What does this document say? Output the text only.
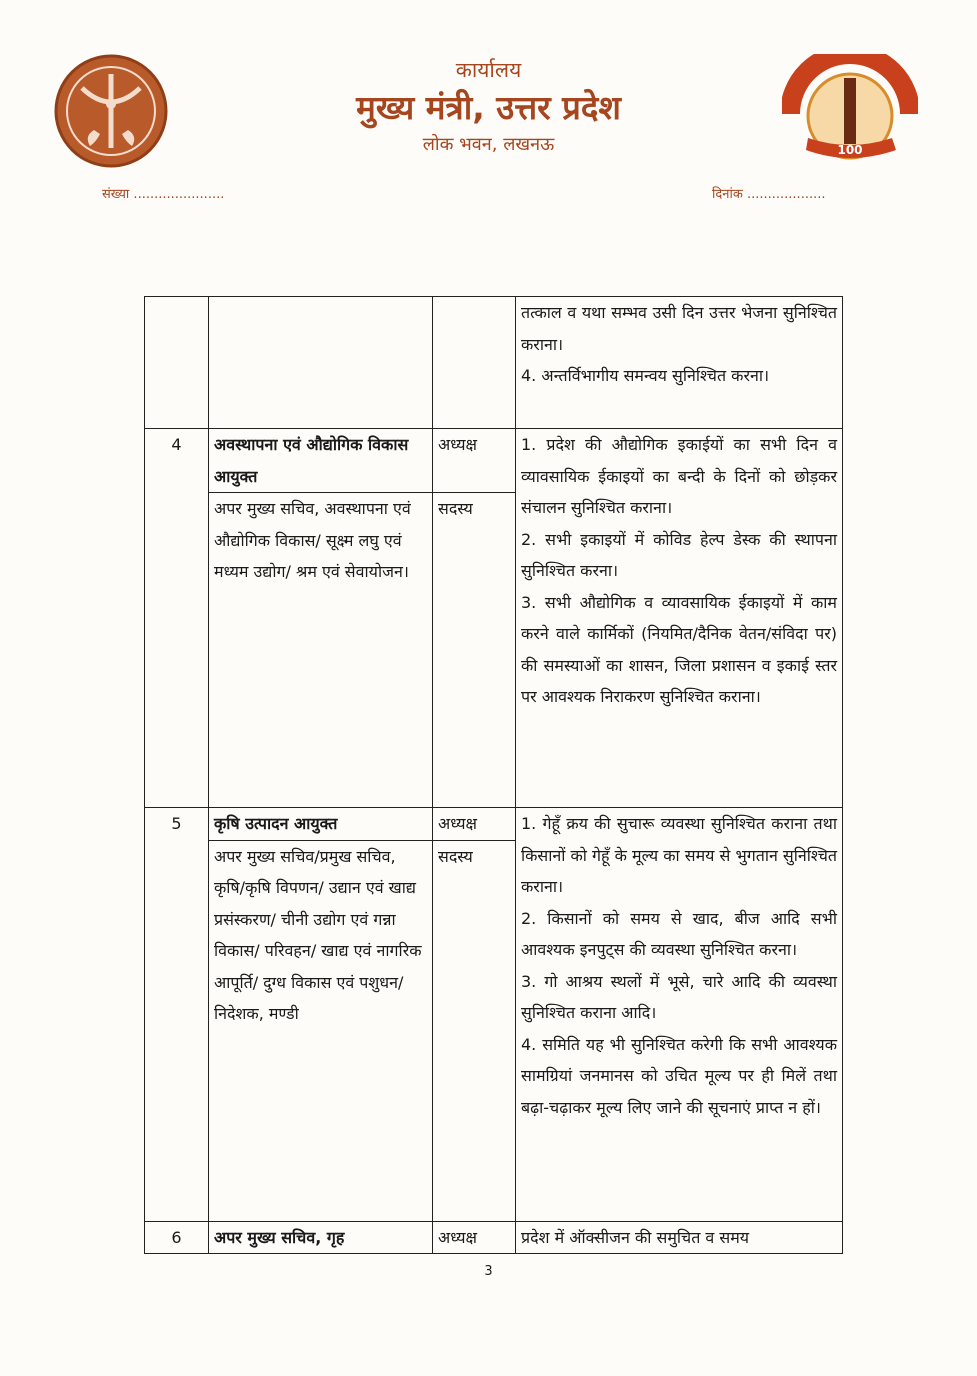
कार्यालय
मुख्य मंत्री, उत्तर प्रदेश
लोक भवन, लखनऊ	100
संख्या ......................	दिनांक ...................

			तत्काल व यथा सम्भव उसी दिन उत्तर भेजना सुनिश्चित कराना।

4. अन्तर्विभागीय समन्वय सुनिश्चित करना।

4	अवस्थापना एवं औद्योगिक विकास आयुक्त	अध्यक्ष	1. प्रदेश की औद्योगिक इकाईयों का सभी दिन व व्यावसायिक ईकाइयों का बन्दी के दिनों को छोड़कर संचालन सुनिश्चित कराना।

2. सभी इकाइयों में कोविड हेल्प डेस्क की स्थापना सुनिश्चित करना।

3. सभी औद्योगिक व व्यावसायिक ईकाइयों में काम करने वाले कार्मिकों (नियमित/दैनिक वेतन/संविदा पर) की समस्याओं का शासन, जिला प्रशासन व इकाई स्तर पर आवश्यक निराकरण सुनिश्चित कराना।

	अपर मुख्य सचिव, अवस्थापना एवं औद्योगिक विकास/ सूक्ष्म लघु एवं मध्यम उद्योग/ श्रम एवं सेवायोजन।	सदस्य	
5	कृषि उत्पादन आयुक्त	अध्यक्ष	1. गेहूँ क्रय की सुचारू व्यवस्था सुनिश्चित कराना तथा किसानों को गेहूँ के मूल्य का समय से भुगतान सुनिश्चित कराना।

2. किसानों को समय से खाद, बीज आदि सभी आवश्यक इनपुट्स की व्यवस्था सुनिश्चित करना।

3. गो आश्रय स्थलों में भूसे, चारे आदि की व्यवस्था सुनिश्चित कराना आदि।

4. समिति यह भी सुनिश्चित करेगी कि सभी आवश्यक सामग्रियां जनमानस को उचित मूल्य पर ही मिलें तथा बढ़ा-चढ़ाकर मूल्य लिए जाने की सूचनाएं प्राप्त न हों।

	अपर मुख्य सचिव/प्रमुख सचिव, कृषि/कृषि विपणन/ उद्यान एवं खाद्य प्रसंस्करण/ चीनी उद्योग एवं गन्ना विकास/ परिवहन/ खाद्य एवं नागरिक आपूर्ति/ दुग्ध विकास एवं पशुधन/ निदेशक, मण्डी	सदस्य	
6	अपर मुख्य सचिव, गृह	अध्यक्ष	प्रदेश में ऑक्सीजन की समुचित व समय

3
